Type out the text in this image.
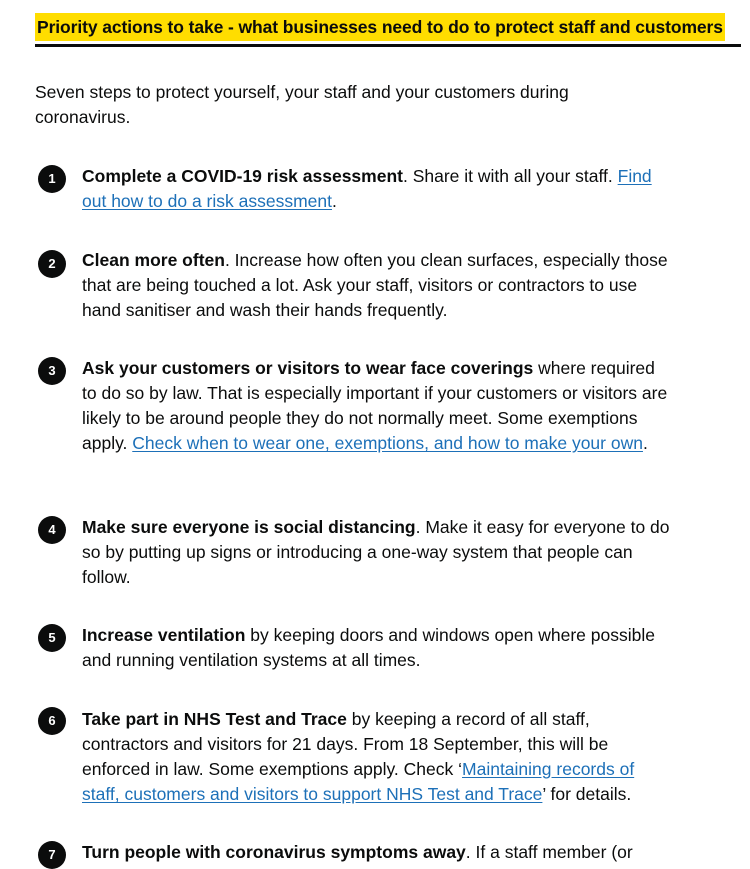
Priority actions to take - what businesses need to do to protect staff and customers

Seven steps to protect yourself, your staff and your customers during coronavirus.

1	Complete a COVID-19 risk assessment. Share it with all your staff. Find out how to do a risk assessment.

2	Clean more often. Increase how often you clean surfaces, especially those that are being touched a lot. Ask your staff, visitors or contractors to use hand sanitiser and wash their hands frequently.

3	Ask your customers or visitors to wear face coverings where required to do so by law. That is especially important if your customers or visitors are likely to be around people they do not normally meet. Some exemptions apply. Check when to wear one, exemptions, and how to make your own.

4	Make sure everyone is social distancing. Make it easy for everyone to do so by putting up signs or introducing a one-way system that people can follow.

5	Increase ventilation by keeping doors and windows open where possible and running ventilation systems at all times.

6	Take part in NHS Test and Trace by keeping a record of all staff, contractors and visitors for 21 days. From 18 September, this will be enforced in law. Some exemptions apply. Check ‘Maintaining records of staff, customers and visitors to support NHS Test and Trace’ for details.

7	Turn people with coronavirus symptoms away. If a staff member (or
